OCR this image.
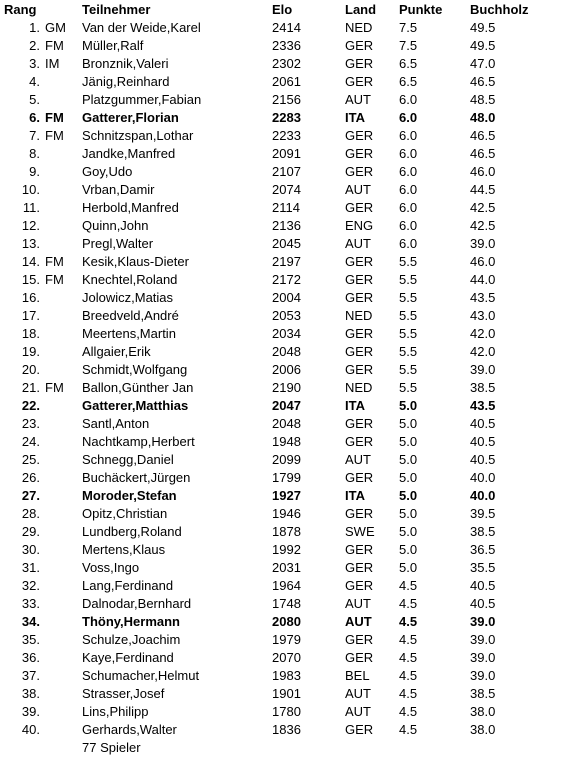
Rang	Teilnehmer	Elo	Land	Punkte	Buchholz
1. GM	Van der Weide,Karel	2414	NED	7.5	49.5
2. FM	Müller,Ralf	2336	GER	7.5	49.5
3. IM	Bronznik,Valeri	2302	GER	6.5	47.0
4.	Jänig,Reinhard	2061	GER	6.5	46.5
5.	Platzgummer,Fabian	2156	AUT	6.0	48.5
6. FM	Gatterer,Florian	2283	ITA	6.0	48.0
7. FM	Schnitzspan,Lothar	2233	GER	6.0	46.5
8.	Jandke,Manfred	2091	GER	6.0	46.5
9.	Goy,Udo	2107	GER	6.0	46.0
10.	Vrban,Damir	2074	AUT	6.0	44.5
11.	Herbold,Manfred	2114	GER	6.0	42.5
12.	Quinn,John	2136	ENG	6.0	42.5
13.	Pregl,Walter	2045	AUT	6.0	39.0
14. FM	Kesik,Klaus-Dieter	2197	GER	5.5	46.0
15. FM	Knechtel,Roland	2172	GER	5.5	44.0
16.	Jolowicz,Matias	2004	GER	5.5	43.5
17.	Breedveld,André	2053	NED	5.5	43.0
18.	Meertens,Martin	2034	GER	5.5	42.0
19.	Allgaier,Erik	2048	GER	5.5	42.0
20.	Schmidt,Wolfgang	2006	GER	5.5	39.0
21. FM	Ballon,Günther Jan	2190	NED	5.5	38.5
22.	Gatterer,Matthias	2047	ITA	5.0	43.5
23.	Santl,Anton	2048	GER	5.0	40.5
24.	Nachtkamp,Herbert	1948	GER	5.0	40.5
25.	Schnegg,Daniel	2099	AUT	5.0	40.5
26.	Buchäckert,Jürgen	1799	GER	5.0	40.0
27.	Moroder,Stefan	1927	ITA	5.0	40.0
28.	Opitz,Christian	1946	GER	5.0	39.5
29.	Lundberg,Roland	1878	SWE	5.0	38.5
30.	Mertens,Klaus	1992	GER	5.0	36.5
31.	Voss,Ingo	2031	GER	5.0	35.5
32.	Lang,Ferdinand	1964	GER	4.5	40.5
33.	Dalnodar,Bernhard	1748	AUT	4.5	40.5
34.	Thöny,Hermann	2080	AUT	4.5	39.0
35.	Schulze,Joachim	1979	GER	4.5	39.0
36.	Kaye,Ferdinand	2070	GER	4.5	39.0
37.	Schumacher,Helmut	1983	BEL	4.5	39.0
38.	Strasser,Josef	1901	AUT	4.5	38.5
39.	Lins,Philipp	1780	AUT	4.5	38.0
40.	Gerhards,Walter	1836	GER	4.5	38.0
77 Spieler
